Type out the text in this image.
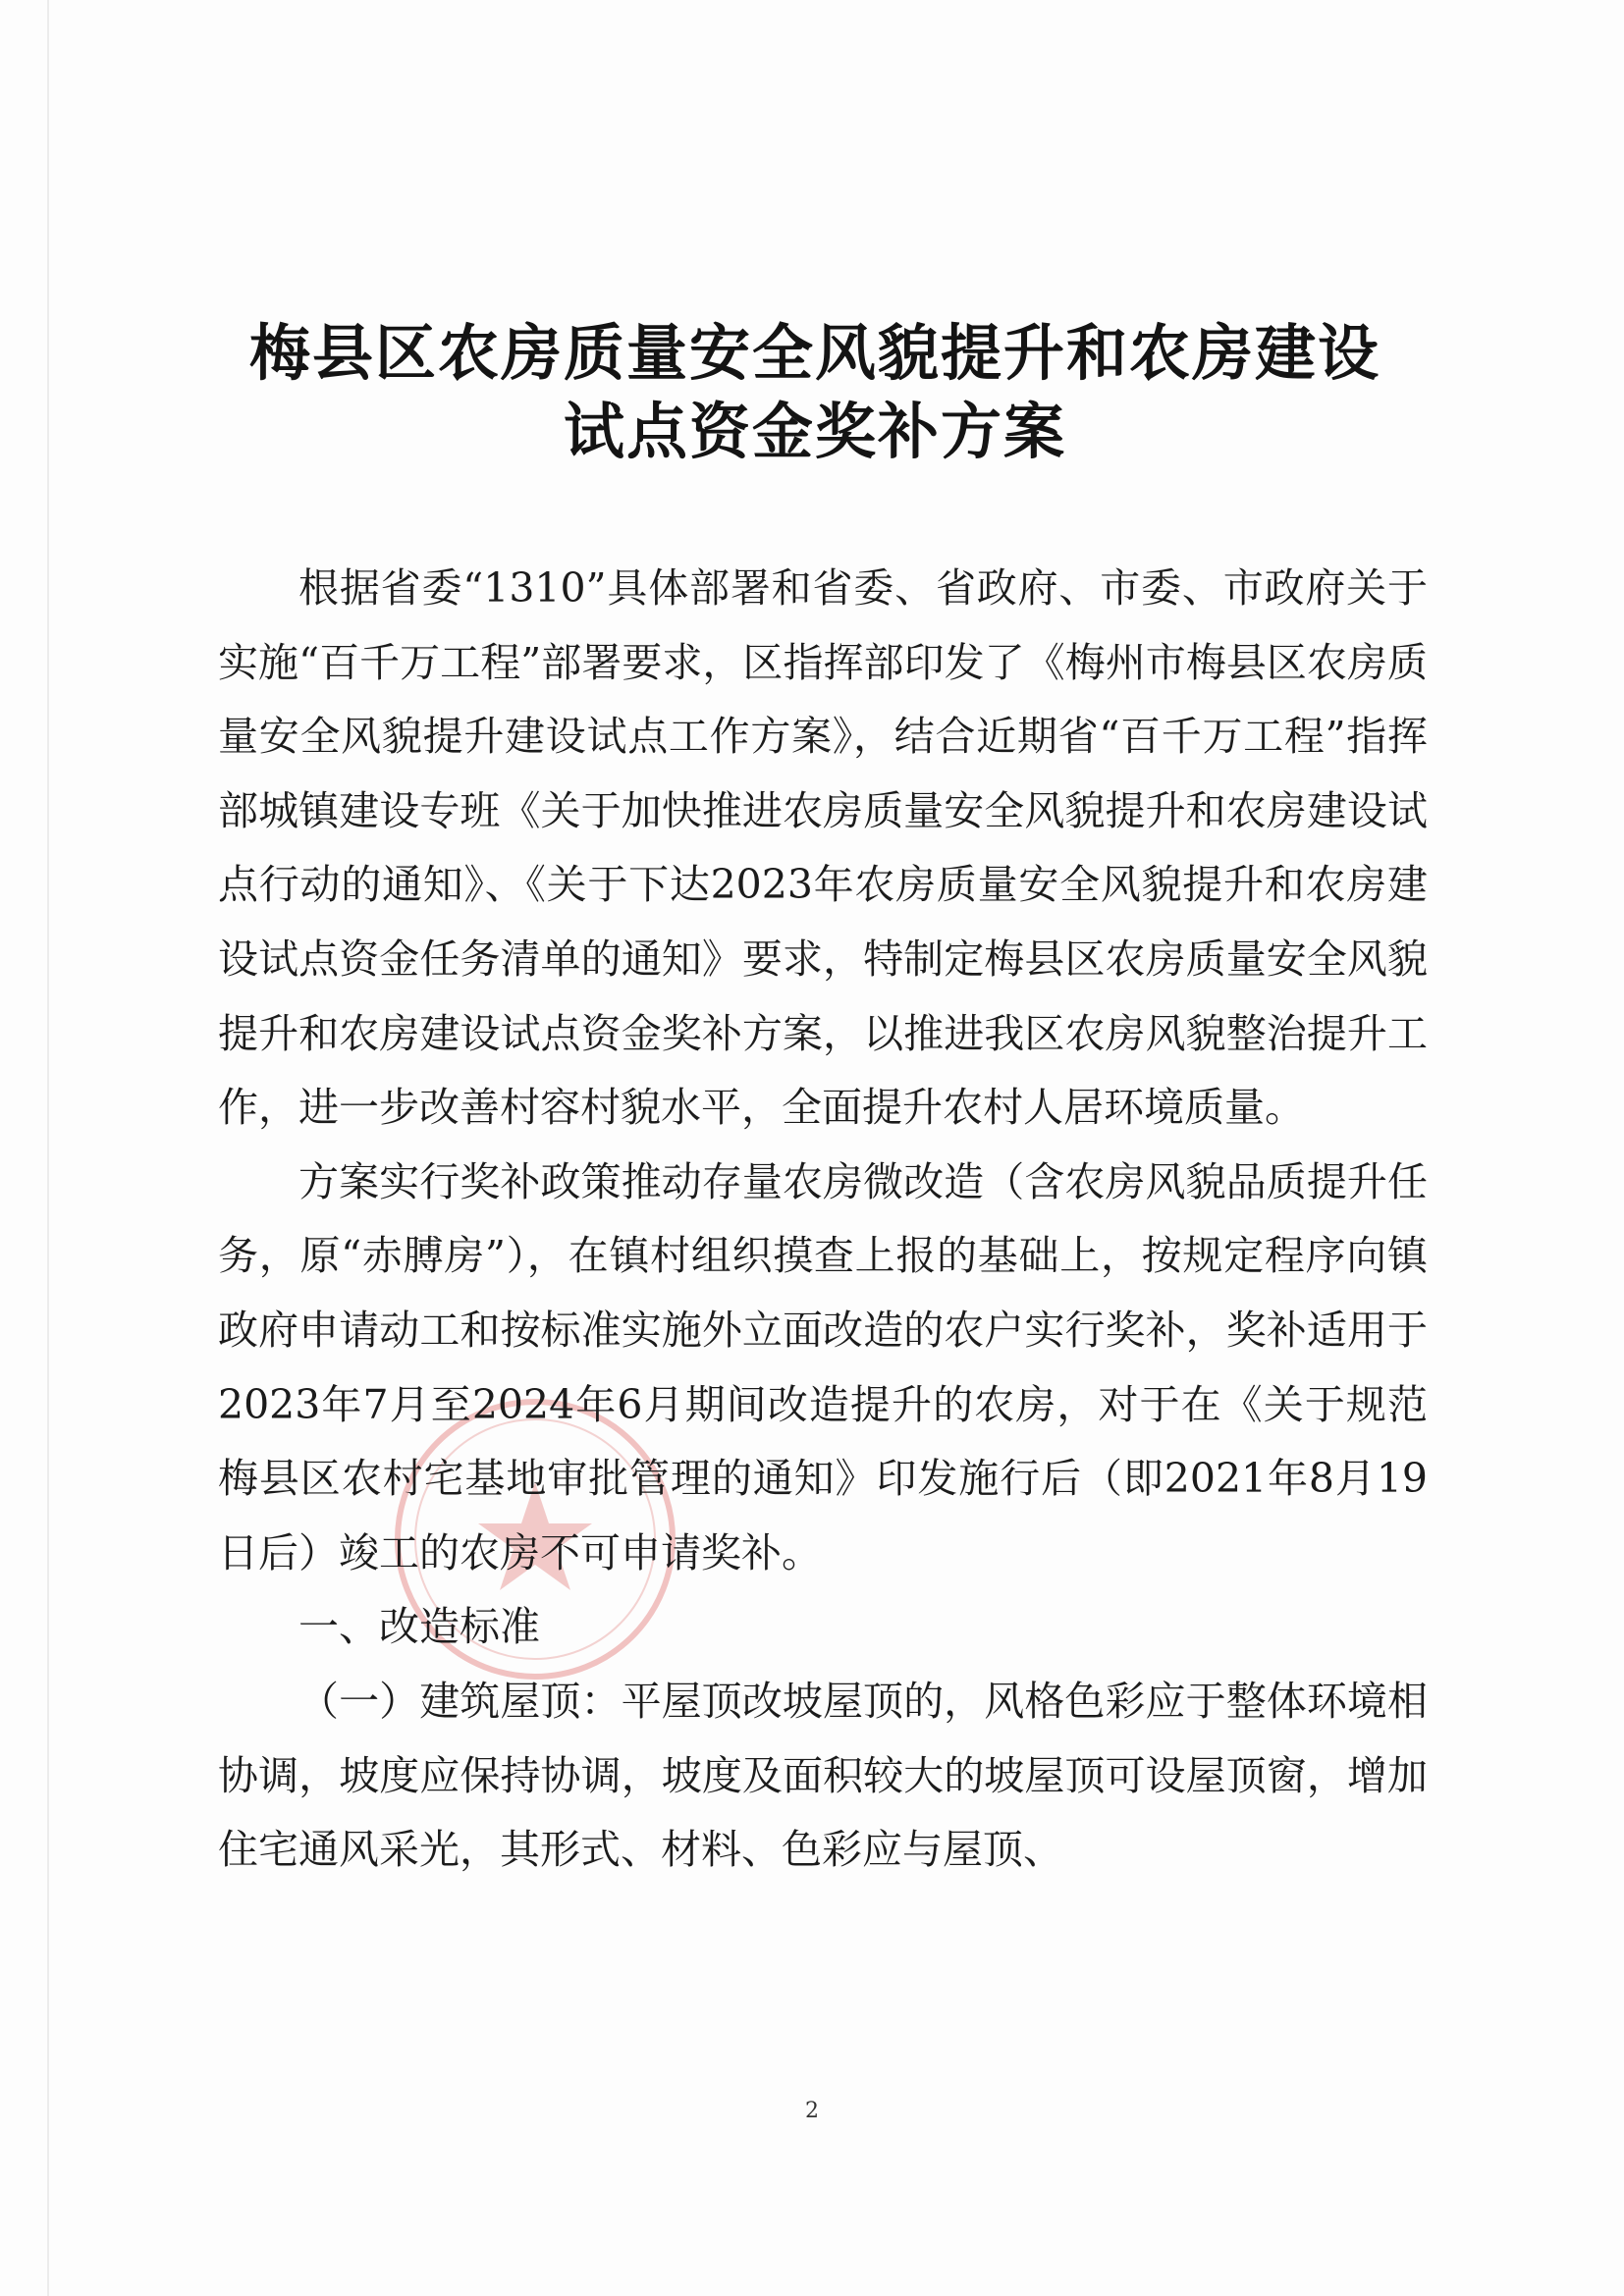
梅县区农房质量安全风貌提升和农房建设
试点资金奖补方案

根据省委“1310”具体部署和省委、省政府、市委、市政府关于实施“百千万工程”部署要求，区指挥部印发了《梅州市梅县区农房质量安全风貌提升建设试点工作方案》，结合近期省“百千万工程”指挥部城镇建设专班《关于加快推进农房质量安全风貌提升和农房建设试点行动的通知》、《关于下达2023年农房质量安全风貌提升和农房建设试点资金任务清单的通知》要求，特制定梅县区农房质量安全风貌提升和农房建设试点资金奖补方案，以推进我区农房风貌整治提升工作，进一步改善村容村貌水平，全面提升农村人居环境质量。

方案实行奖补政策推动存量农房微改造（含农房风貌品质提升任务，原“赤膊房”），在镇村组织摸查上报的基础上，按规定程序向镇政府申请动工和按标准实施外立面改造的农户实行奖补，奖补适用于2023年7月至2024年6月期间改造提升的农房，对于在《关于规范梅县区农村宅基地审批管理的通知》印发施行后（即2021年8月19日后）竣工的农房不可申请奖补。

一、改造标准

（一）建筑屋顶：平屋顶改坡屋顶的，风格色彩应于整体环境相协调，坡度应保持协调，坡度及面积较大的坡屋顶可设屋顶窗，增加住宅通风采光，其形式、材料、色彩应与屋顶、

2
